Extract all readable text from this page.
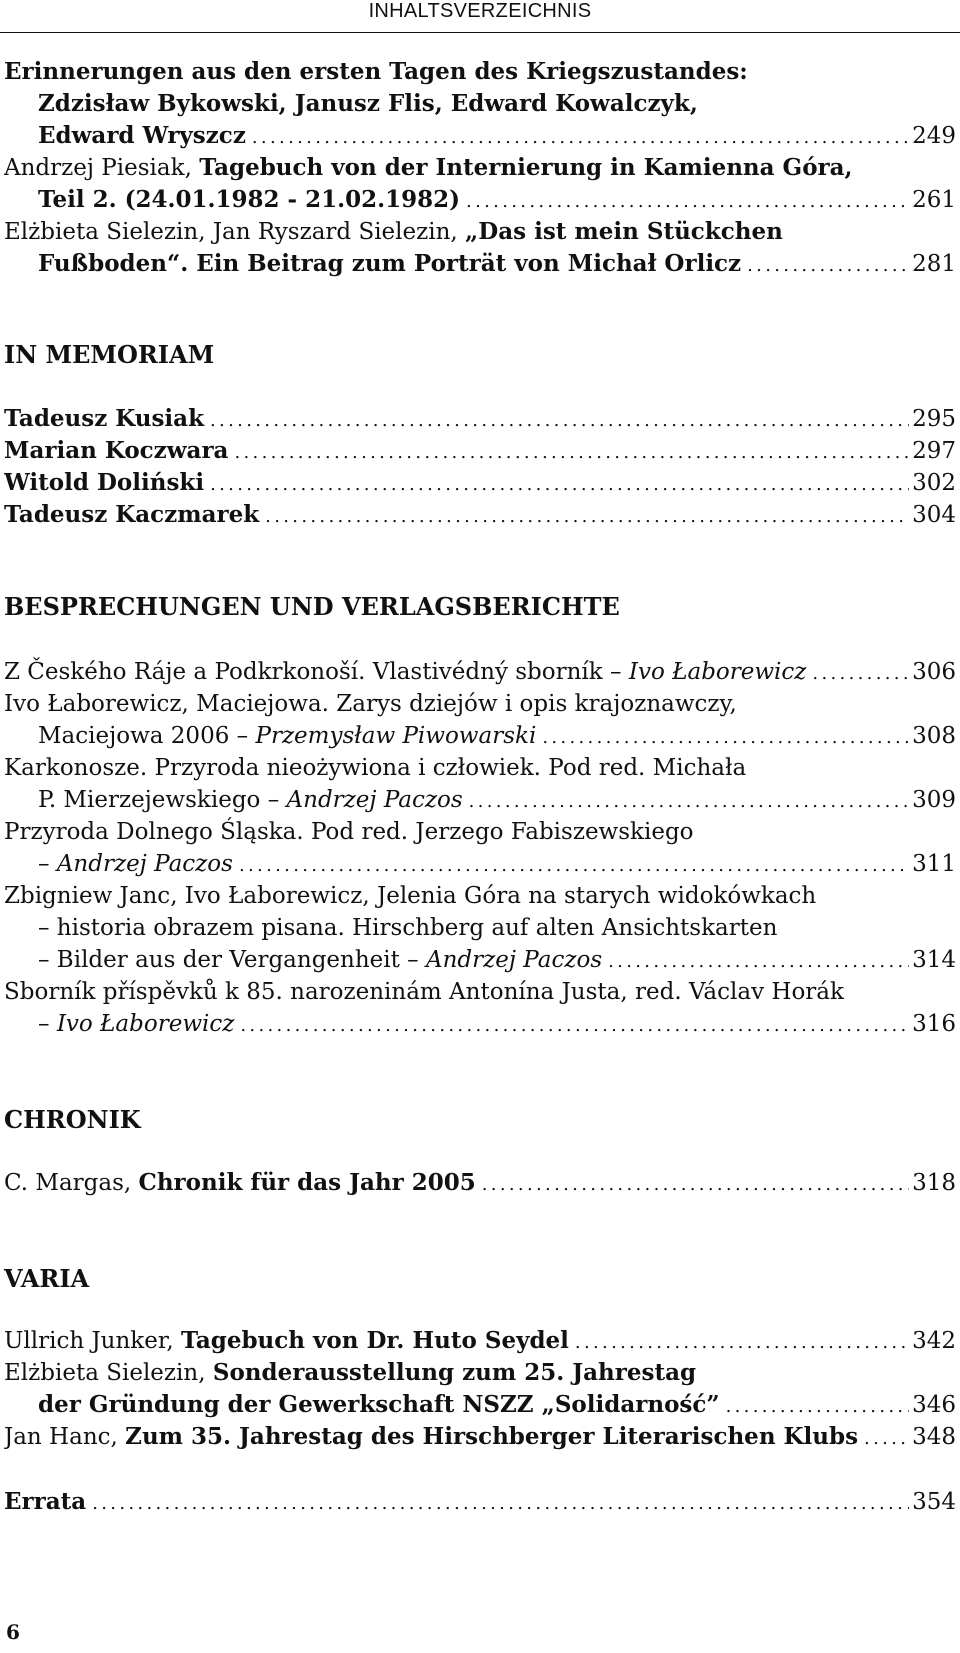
INHALTSVERZEICHNIS
Erinnerungen aus den ersten Tagen des Kriegszustandes:
Zdzisław Bykowski, Janusz Flis, Edward Kowalczyk,
Edward Wryszcz . . .	249
Andrzej Piesiak, Tagebuch von der Internierung in Kamienna Góra,
Teil 2. (24.01.1982 - 21.02.1982) . . .	261
Elżbieta Sielezin, Jan Ryszard Sielezin, „Das ist mein Stückchen
Fußboden“. Ein Beitrag zum Porträt von Michał Orlicz . . .	281
IN MEMORIAM
Tadeusz Kusiak . . .	295
Marian Koczwara . . .	297
Witold Doliński . . .	302
Tadeusz Kaczmarek . . .	304
BESPRECHUNGEN UND VERLAGSBERICHTE
Z Českého Ráje a Podkrkonoší. Vlastivédný sborník – Ivo Łaborewicz . . .	306
Ivo Łaborewicz, Maciejowa. Zarys dziejów i opis krajoznawczy,
Maciejowa 2006 – Przemysław Piwowarski . . .	308
Karkonosze. Przyroda nieożywiona i człowiek. Pod red. Michała
P. Mierzejewskiego – Andrzej Paczos . . .	309
Przyroda Dolnego Śląska. Pod red. Jerzego Fabiszewskiego
– Andrzej Paczos . . .	311
Zbigniew Janc, Ivo Łaborewicz, Jelenia Góra na starych widokówkach
– historia obrazem pisana. Hirschberg auf alten Ansichtskarten
– Bilder aus der Vergangenheit – Andrzej Paczos . . .	314
Sborník příspěvků k 85. narozeninám Antonína Justa, red. Václav Horák
– Ivo Łaborewicz . . .	316
CHRONIK
C. Margas, Chronik für das Jahr 2005 . . .	318
VARIA
Ullrich Junker, Tagebuch von Dr. Huto Seydel . . .	342
Elżbieta Sielezin, Sonderausstellung zum 25. Jahrestag
der Gründung der Gewerkschaft NSZZ „Solidarność” . . .	346
Jan Hanc, Zum 35. Jahrestag des Hirschberger Literarischen Klubs . . . 348
Errata . . .	354
6
